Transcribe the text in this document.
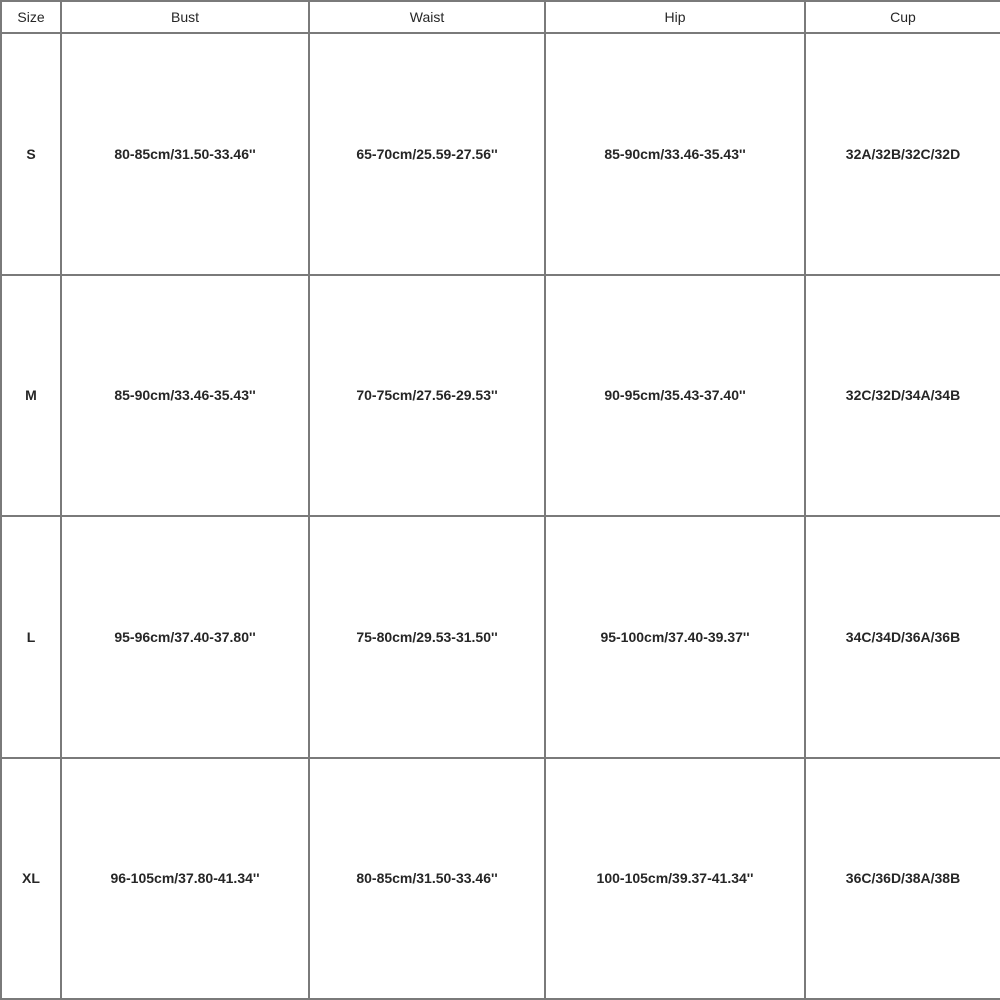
Size	Bust	Waist	Hip	Cup
S	80-85cm/31.50-33.46''	65-70cm/25.59-27.56''	85-90cm/33.46-35.43''	32A/32B/32C/32D
M	85-90cm/33.46-35.43''	70-75cm/27.56-29.53''	90-95cm/35.43-37.40''	32C/32D/34A/34B
L	95-96cm/37.40-37.80''	75-80cm/29.53-31.50''	95-100cm/37.40-39.37''	34C/34D/36A/36B
XL	96-105cm/37.80-41.34''	80-85cm/31.50-33.46''	100-105cm/39.37-41.34''	36C/36D/38A/38B
